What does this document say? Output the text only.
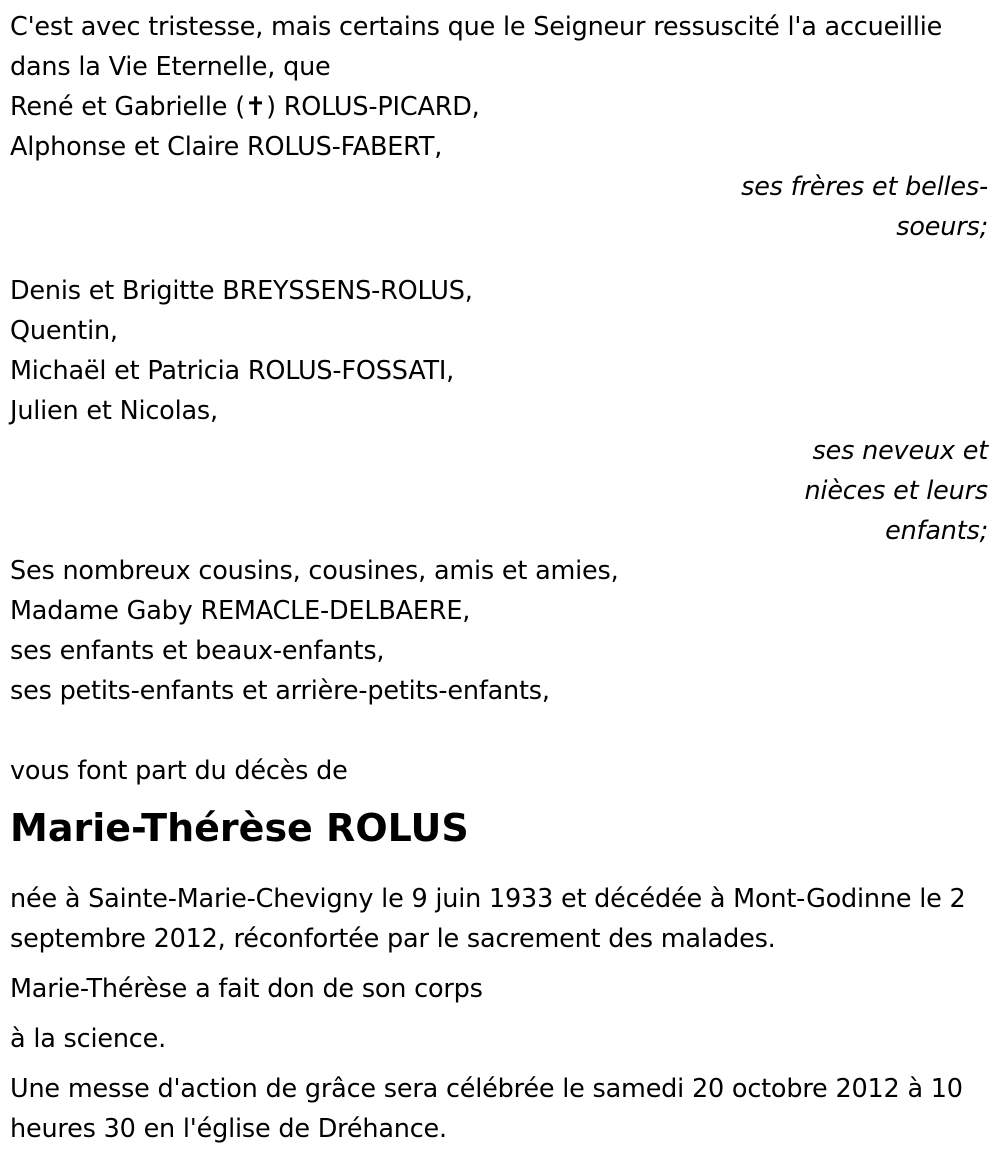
C'est avec tristesse, mais certains que le Seigneur ressuscité l'a accueillie
dans la Vie Eternelle, que
René et Gabrielle (✝) ROLUS-PICARD,
Alphonse et Claire ROLUS-FABERT,
ses frères et belles-
soeurs;
Denis et Brigitte BREYSSENS-ROLUS,
Quentin,
Michaël et Patricia ROLUS-FOSSATI,
Julien et Nicolas,
ses neveux et
nièces et leurs
enfants;
Ses nombreux cousins, cousines, amis et amies,
Madame Gaby REMACLE-DELBAERE,
ses enfants et beaux-enfants,
ses petits-enfants et arrière-petits-enfants,
vous font part du décès de
Marie-Thérèse ROLUS
née à Sainte-Marie-Chevigny le 9 juin 1933 et décédée à Mont-Godinne le 2 septembre 2012, réconfortée par le sacrement des malades.
Marie-Thérèse a fait don de son corps
à la science.
Une messe d'action de grâce sera célébrée le samedi 20 octobre 2012 à 10 heures 30 en l'église de Dréhance.
